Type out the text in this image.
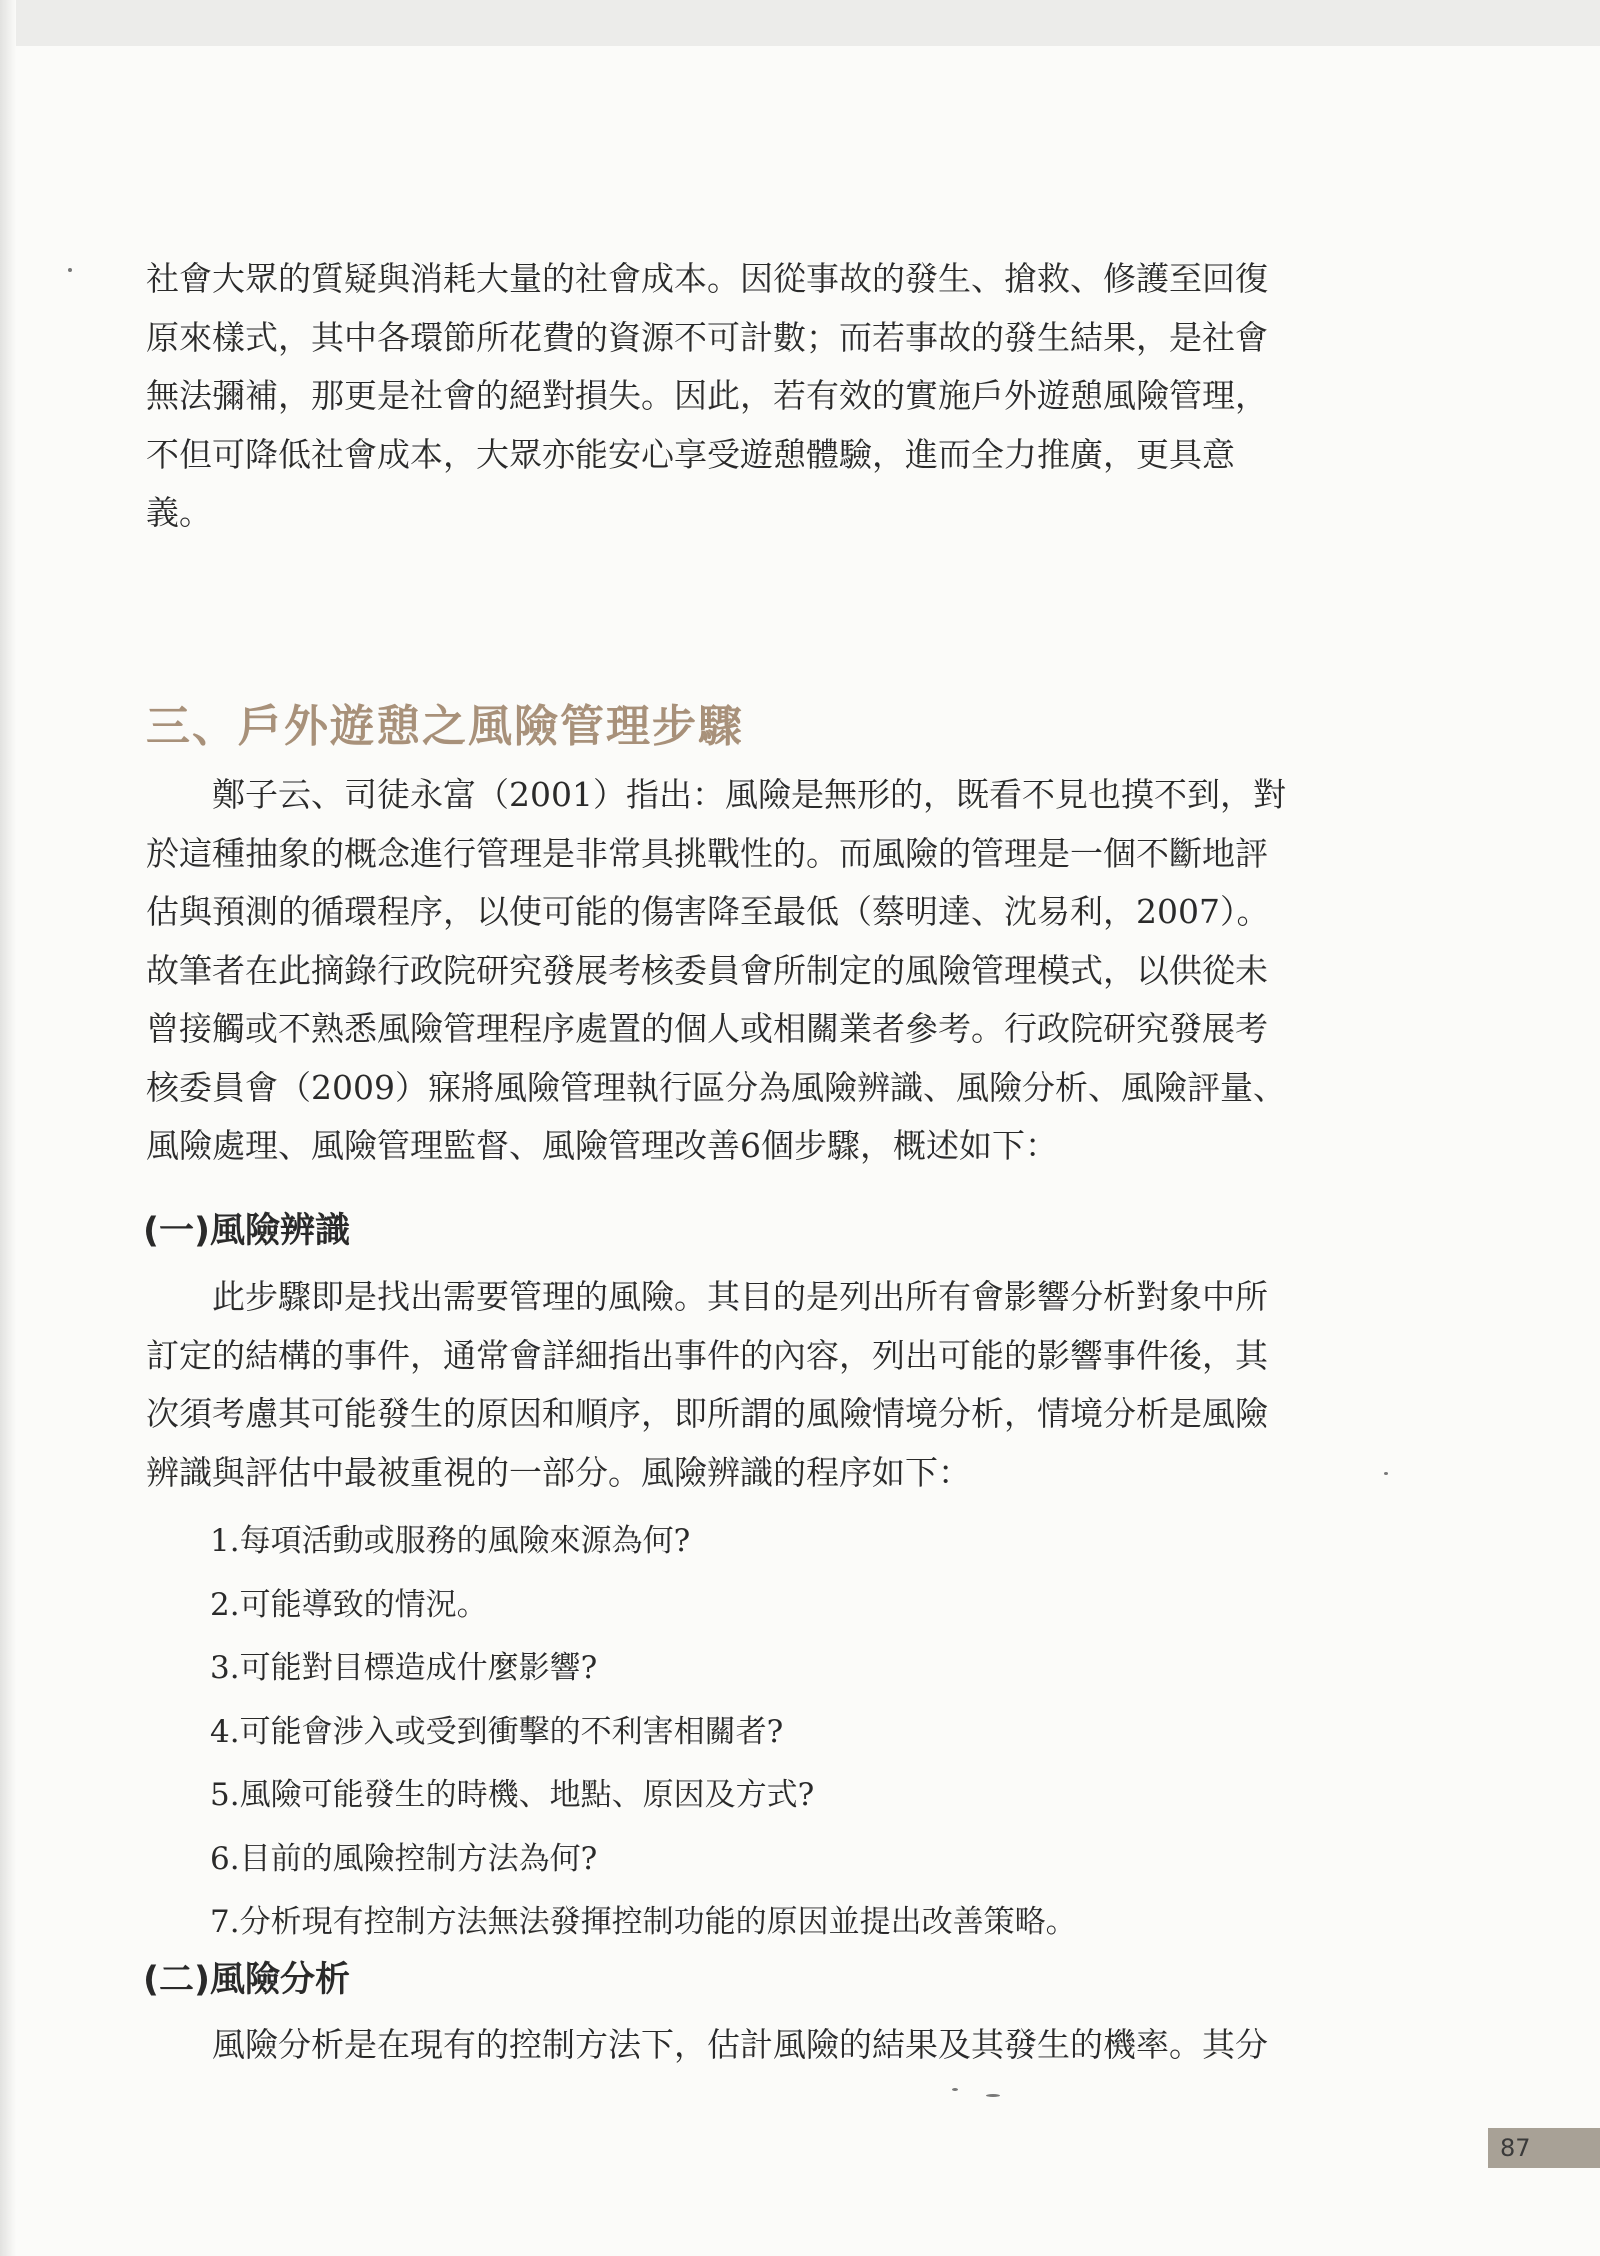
社會大眾的質疑與消耗大量的社會成本。因從事故的發生、搶救、修護至回復
原來樣式，其中各環節所花費的資源不可計數；而若事故的發生結果，是社會
無法彌補，那更是社會的絕對損失。因此，若有效的實施戶外遊憩風險管理，
不但可降低社會成本，大眾亦能安心享受遊憩體驗，進而全力推廣，更具意
義。
三、戶外遊憩之風險管理步驟
鄭子云、司徒永富（2001）指出：風險是無形的，既看不見也摸不到，對
於這種抽象的概念進行管理是非常具挑戰性的。而風險的管理是一個不斷地評
估與預測的循環程序，以使可能的傷害降至最低（蔡明達、沈易利，2007）。
故筆者在此摘錄行政院研究發展考核委員會所制定的風險管理模式，以供從未
曾接觸或不熟悉風險管理程序處置的個人或相關業者參考。行政院研究發展考
核委員會（2009）寐將風險管理執行區分為風險辨識、風險分析、風險評量、
風險處理、風險管理監督、風險管理改善6個步驟，概述如下：
(一)風險辨識
此步驟即是找出需要管理的風險。其目的是列出所有會影響分析對象中所
訂定的結構的事件，通常會詳細指出事件的內容，列出可能的影響事件後，其
次須考慮其可能發生的原因和順序，即所謂的風險情境分析，情境分析是風險
辨識與評估中最被重視的一部分。風險辨識的程序如下：
1.每項活動或服務的風險來源為何?
2.可能導致的情況。
3.可能對目標造成什麼影響?
4.可能會涉入或受到衝擊的不利害相關者?
5.風險可能發生的時機、地點、原因及方式?
6.目前的風險控制方法為何?
7.分析現有控制方法無法發揮控制功能的原因並提出改善策略。
(二)風險分析
風險分析是在現有的控制方法下，估計風險的結果及其發生的機率。其分
87
